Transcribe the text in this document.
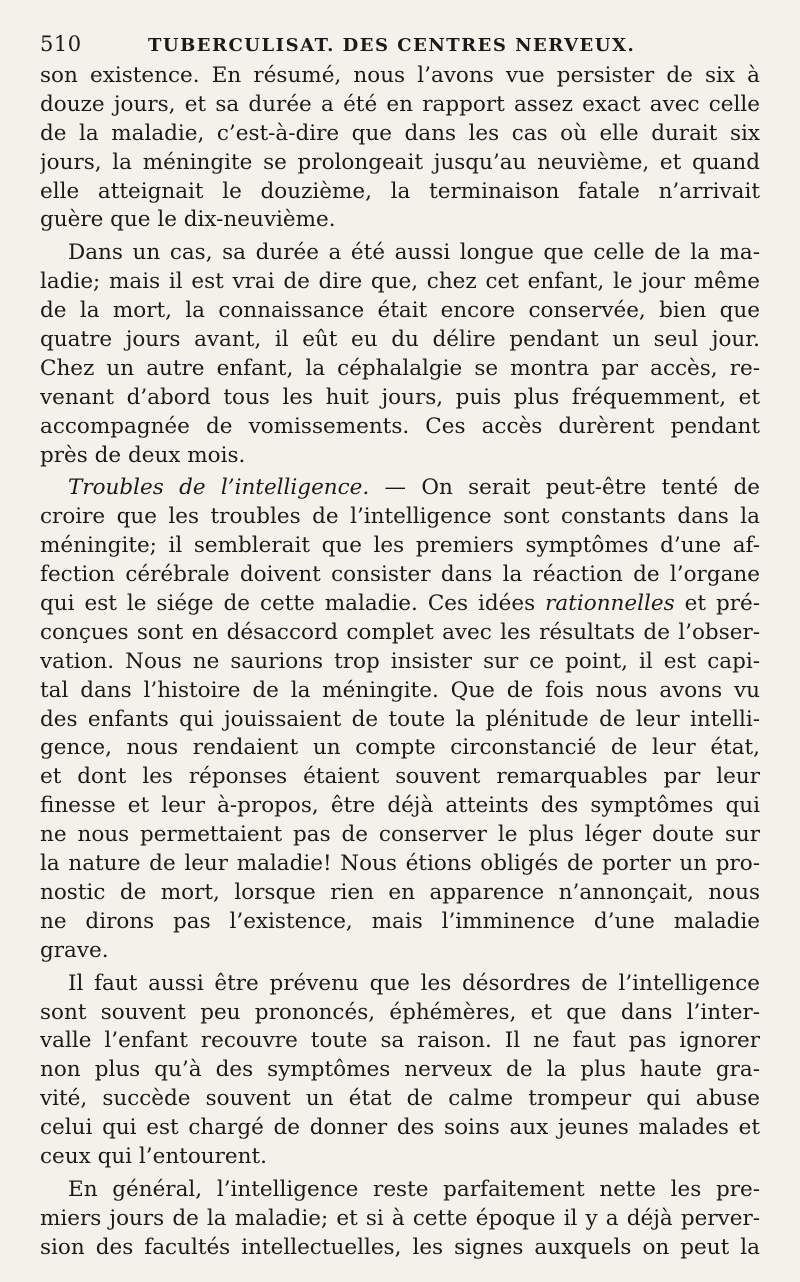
510	TUBERCULISAT. DES CENTRES NERVEUX.
son existence. En résumé, nous l’avons vue persister de six à
douze jours, et sa durée a été en rapport assez exact avec celle
de la maladie, c’est-à-dire que dans les cas où elle durait six
jours, la méningite se prolongeait jusqu’au neuvième, et quand
elle atteignait le douzième, la terminaison fatale n’arrivait
guère que le dix-neuvième.
Dans un cas, sa durée a été aussi longue que celle de la ma-
ladie; mais il est vrai de dire que, chez cet enfant, le jour même
de la mort, la connaissance était encore conservée, bien que
quatre jours avant, il eût eu du délire pendant un seul jour.
Chez un autre enfant, la céphalalgie se montra par accès, re-
venant d’abord tous les huit jours, puis plus fréquemment, et
accompagnée de vomissements. Ces accès durèrent pendant
près de deux mois.
Troubles de l’intelligence. — On serait peut-être tenté de
croire que les troubles de l’intelligence sont constants dans la
méningite; il semblerait que les premiers symptômes d’une af-
fection cérébrale doivent consister dans la réaction de l’organe
qui est le siége de cette maladie. Ces idées rationnelles et pré-
conçues sont en désaccord complet avec les résultats de l’obser-
vation. Nous ne saurions trop insister sur ce point, il est capi-
tal dans l’histoire de la méningite. Que de fois nous avons vu
des enfants qui jouissaient de toute la plénitude de leur intelli-
gence, nous rendaient un compte circonstancié de leur état,
et dont les réponses étaient souvent remarquables par leur
finesse et leur à-propos, être déjà atteints des symptômes qui
ne nous permettaient pas de conserver le plus léger doute sur
la nature de leur maladie! Nous étions obligés de porter un pro-
nostic de mort, lorsque rien en apparence n’annonçait, nous
ne dirons pas l’existence, mais l’imminence d’une maladie
grave.
Il faut aussi être prévenu que les désordres de l’intelligence
sont souvent peu prononcés, éphémères, et que dans l’inter-
valle l’enfant recouvre toute sa raison. Il ne faut pas ignorer
non plus qu’à des symptômes nerveux de la plus haute gra-
vité, succède souvent un état de calme trompeur qui abuse
celui qui est chargé de donner des soins aux jeunes malades et
ceux qui l’entourent.
En général, l’intelligence reste parfaitement nette les pre-
miers jours de la maladie; et si à cette époque il y a déjà perver-
sion des facultés intellectuelles, les signes auxquels on peut la
